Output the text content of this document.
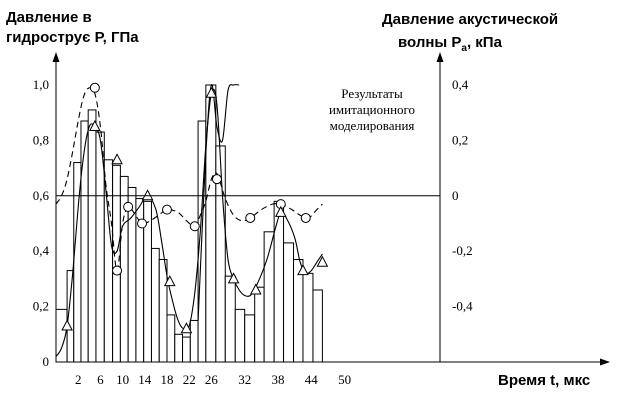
2 6 10 14 18 22 26 32 38 44 50
0
0,2
0,4
0,6
0,8
1,0	0,4
0,2
0
-0,2
-0,4
Давление в
гидрострує P, ГПа
Давление акустической
волны $P_a$, кПа
Результаты
имитационного
моделирования
Время t, мкс
